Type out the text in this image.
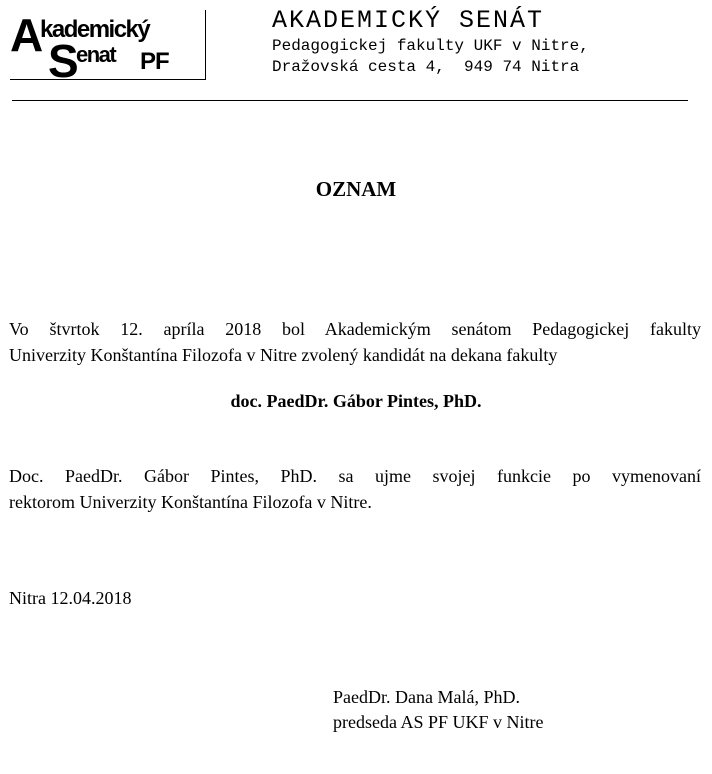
A kademický
S enat PF
AKADEMICKÝ SENÁT
Pedagogickej fakulty UKF v Nitre,
Dražovská cesta 4,  949 74 Nitra
OZNAM
Vo štvrtok 12. apríla 2018 bol Akademickým senátom Pedagogickej fakulty
Univerzity Konštantína Filozofa v Nitre zvolený kandidát na dekana fakulty
doc. PaedDr. Gábor Pintes, PhD.
Doc. PaedDr. Gábor Pintes, PhD. sa ujme svojej funkcie po vymenovaní
rektorom Univerzity Konštantína Filozofa v Nitre.
Nitra 12.04.2018
PaedDr. Dana Malá, PhD.
predseda AS PF UKF v Nitre
